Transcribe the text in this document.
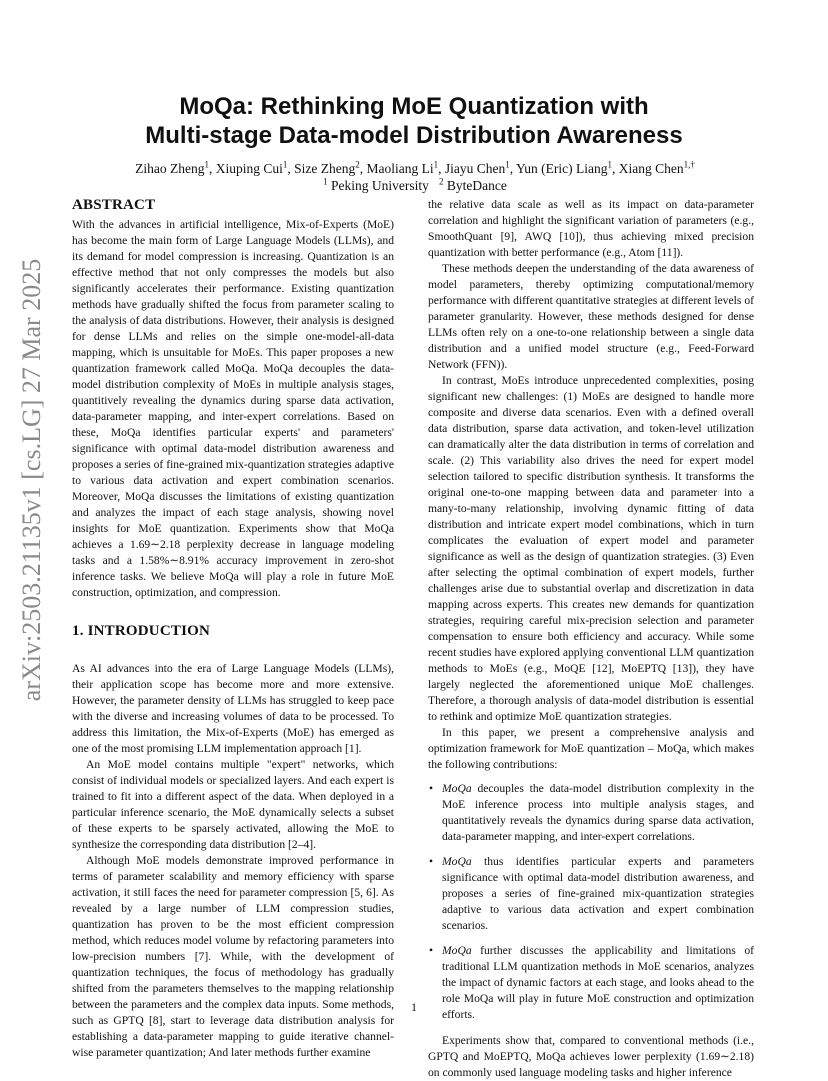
arXiv:2503.21135v1 [cs.LG] 27 Mar 2025
MoQa: Rethinking MoE Quantization with
Multi-stage Data-model Distribution Awareness
Zihao Zheng$^1$, Xiuping Cui$^1$, Size Zheng$^2$, Maoliang Li$^1$, Jiayu Chen$^1$, Yun (Eric) Liang$^1$, Xiang Chen$^{1,\dagger}$
$^1$ Peking University $^2$ ByteDance
ABSTRACT

With the advances in artificial intelligence, Mix-of-Experts (MoE) has become the main form of Large Language Models (LLMs), and its demand for model compression is increasing. Quantization is an effective method that not only compresses the models but also significantly accelerates their performance. Existing quantization methods have gradually shifted the focus from parameter scaling to the analysis of data distributions. However, their analysis is designed for dense LLMs and relies on the simple one-model-all-data mapping, which is unsuitable for MoEs. This paper proposes a new quantization framework called MoQa. MoQa decouples the data-model distribution complexity of MoEs in multiple analysis stages, quantitively revealing the dynamics during sparse data activation, data-parameter mapping, and inter-expert correlations. Based on these, MoQa identifies particular experts' and parameters' significance with optimal data-model distribution awareness and proposes a series of fine-grained mix-quantization strategies adaptive to various data activation and expert combination scenarios. Moreover, MoQa discusses the limitations of existing quantization and analyzes the impact of each stage analysis, showing novel insights for MoE quantization. Experiments show that MoQa achieves a 1.69∼2.18 perplexity decrease in language modeling tasks and a 1.58%∼8.91% accuracy improvement in zero-shot inference tasks. We believe MoQa will play a role in future MoE construction, optimization, and compression.

1. INTRODUCTION

As AI advances into the era of Large Language Models (LLMs), their application scope has become more and more extensive. However, the parameter density of LLMs has struggled to keep pace with the diverse and increasing volumes of data to be processed. To address this limitation, the Mix-of-Experts (MoE) has emerged as one of the most promising LLM implementation approach [1].

An MoE model contains multiple "expert" networks, which consist of individual models or specialized layers. And each expert is trained to fit into a different aspect of the data. When deployed in a particular inference scenario, the MoE dynamically selects a subset of these experts to be sparsely activated, allowing the MoE to synthesize the corresponding data distribution [2–4].

Although MoE models demonstrate improved performance in terms of parameter scalability and memory efficiency with sparse activation, it still faces the need for parameter compression [5, 6]. As revealed by a large number of LLM compression studies, quantization has proven to be the most efficient compression method, which reduces model volume by refactoring parameters into low-precision numbers [7]. While, with the development of quantization techniques, the focus of methodology has gradually shifted from the parameters themselves to the mapping relationship between the parameters and the complex data inputs. Some methods, such as GPTQ [8], start to leverage data distribution analysis for establishing a data-parameter mapping to guide iterative channel-wise parameter quantization; And later methods further examine

the relative data scale as well as its impact on data-parameter correlation and highlight the significant variation of parameters (e.g., SmoothQuant [9], AWQ [10]), thus achieving mixed precision quantization with better performance (e.g., Atom [11]).

These methods deepen the understanding of the data awareness of model parameters, thereby optimizing computational/memory performance with different quantitative strategies at different levels of parameter granularity. However, these methods designed for dense LLMs often rely on a one-to-one relationship between a single data distribution and a unified model structure (e.g., Feed-Forward Network (FFN)).

In contrast, MoEs introduce unprecedented complexities, posing significant new challenges: (1) MoEs are designed to handle more composite and diverse data scenarios. Even with a defined overall data distribution, sparse data activation, and token-level utilization can dramatically alter the data distribution in terms of correlation and scale. (2) This variability also drives the need for expert model selection tailored to specific distribution synthesis. It transforms the original one-to-one mapping between data and parameter into a many-to-many relationship, involving dynamic fitting of data distribution and intricate expert model combinations, which in turn complicates the evaluation of expert model and parameter significance as well as the design of quantization strategies. (3) Even after selecting the optimal combination of expert models, further challenges arise due to substantial overlap and discretization in data mapping across experts. This creates new demands for quantization strategies, requiring careful mix-precision selection and parameter compensation to ensure both efficiency and accuracy. While some recent studies have explored applying conventional LLM quantization methods to MoEs (e.g., MoQE [12], MoEPTQ [13]), they have largely neglected the aforementioned unique MoE challenges. Therefore, a thorough analysis of data-model distribution is essential to rethink and optimize MoE quantization strategies.

In this paper, we present a comprehensive analysis and optimization framework for MoE quantization – MoQa, which makes the following contributions:

• MoQa decouples the data-model distribution complexity in the MoE inference process into multiple analysis stages, and quantitatively reveals the dynamics during sparse data activation, data-parameter mapping, and inter-expert correlations.
• MoQa thus identifies particular experts and parameters significance with optimal data-model distribution awareness, and proposes a series of fine-grained mix-quantization strategies adaptive to various data activation and expert combination scenarios.
• MoQa further discusses the applicability and limitations of traditional LLM quantization methods in MoE scenarios, analyzes the impact of dynamic factors at each stage, and looks ahead to the role MoQa will play in future MoE construction and optimization efforts.

Experiments show that, compared to conventional methods (i.e., GPTQ and MoEPTQ, MoQa achieves lower perplexity (1.69∼2.18) on commonly used language modeling tasks and higher inference

1
